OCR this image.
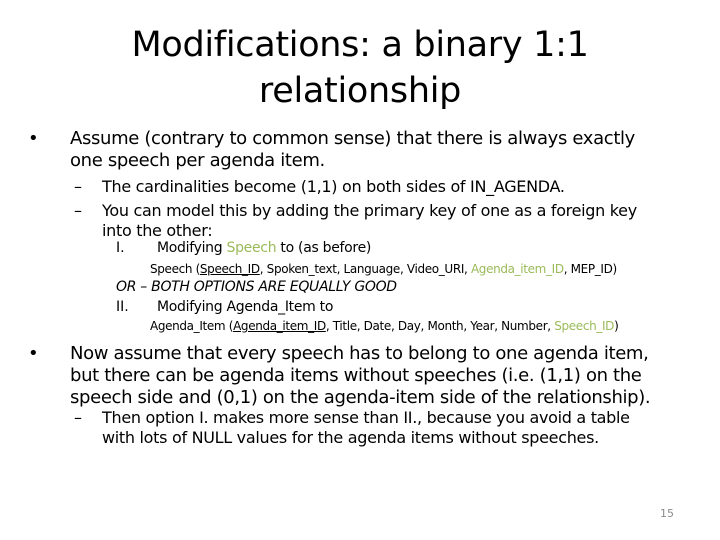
Modifications: a binary 1:1
relationship
• Assume (contrary to common sense) that there is always exactly
one speech per agenda item.
– The cardinalities become (1,1) on both sides of IN_AGENDA.
– You can model this by adding the primary key of one as a foreign key
into the other:
I. Modifying Speech to (as before)
Speech (Speech_ID, Spoken_text, Language, Video_URI, Agenda_item_ID, MEP_ID)
OR – BOTH OPTIONS ARE EQUALLY GOOD
II. Modifying Agenda_Item to
Agenda_Item (Agenda_item_ID, Title, Date, Day, Month, Year, Number, Speech_ID)
• Now assume that every speech has to belong to one agenda item,
but there can be agenda items without speeches (i.e. (1,1) on the
speech side and (0,1) on the agenda-item side of the relationship).
– Then option I. makes more sense than II., because you avoid a table
with lots of NULL values for the agenda items without speeches.
15
